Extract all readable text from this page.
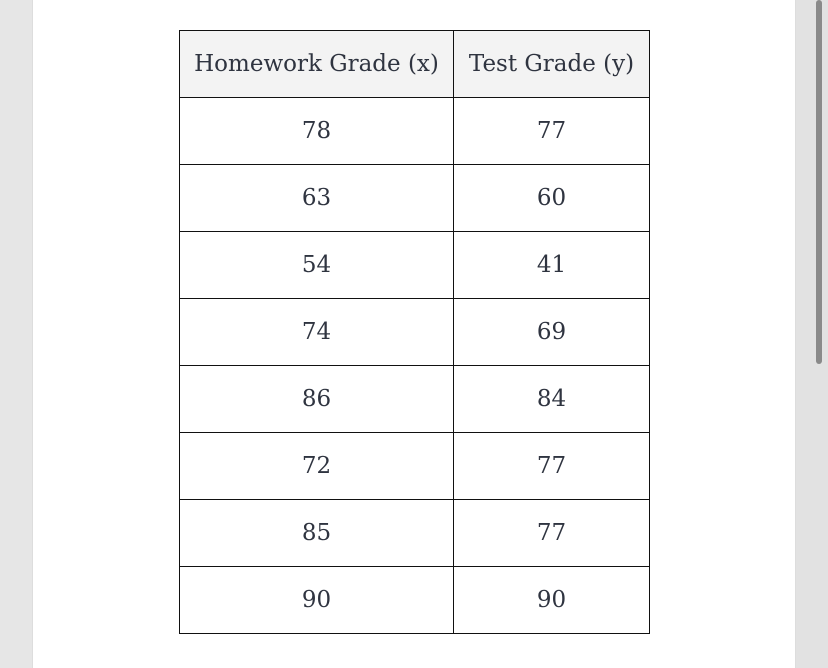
Homework Grade (x)	Test Grade (y)
78	77
63	60
54	41
74	69
86	84
72	77
85	77
90	90
